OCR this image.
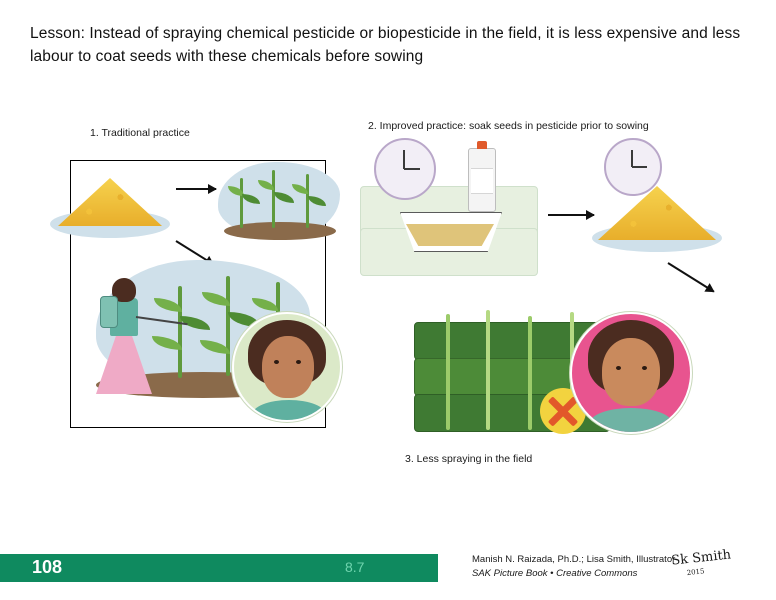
Lesson: Instead of spraying chemical pesticide or biopesticide in the field, it is less expensive and less labour to coat seeds with these chemicals before sowing
1. Traditional practice
2. Improved practice: soak seeds in pesticide prior to sowing
3. Less spraying in the field
108	8.7	Manish N. Raizada, Ph.D.; Lisa Smith, Illustrator
SAK Picture Book • Creative Commons
Sk Smith
2015
